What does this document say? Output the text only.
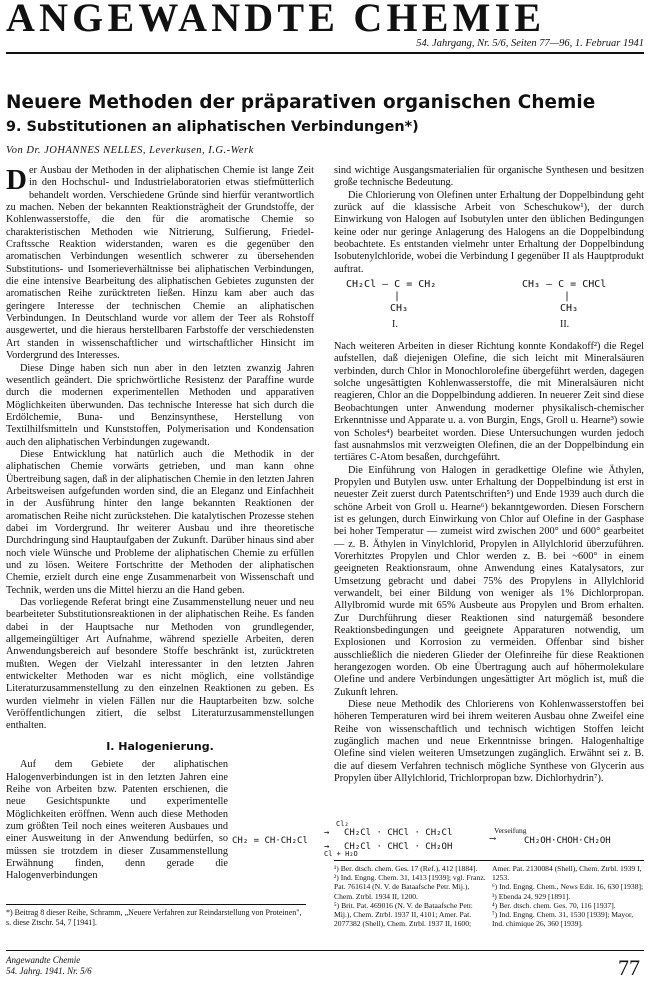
ANGEWANDTE CHEMIE
54. Jahrgang, Nr. 5/6, Seiten 77—96, 1. Februar 1941
Neuere Methoden der präparativen organischen Chemie
9. Substitutionen an aliphatischen Verbindungen*)
Von Dr. JOHANNES NELLES, Leverkusen, I.G.-Werk

Der Ausbau der Methoden in der aliphatischen Chemie ist lange Zeit in den Hochschul- und Industrielaboratorien etwas stiefmütterlich behandelt worden. Verschiedene Gründe sind hierfür verantwortlich zu machen. Neben der bekannten Reaktionsträgheit der Grundstoffe, der Kohlenwasserstoffe, die den für die aromatische Chemie so charakteristischen Methoden wie Nitrierung, Sulfierung, Friedel-Craftssche Reaktion widerstanden, waren es die gegenüber den aromatischen Verbindungen wesentlich schwerer zu übersehenden Substitutions- und Isomerieverhältnisse bei aliphatischen Verbindungen, die eine intensive Bearbeitung des aliphatischen Gebietes zugunsten der aromatischen Reihe zurücktreten ließen. Hinzu kam aber auch das geringere Interesse der technischen Chemie an aliphatischen Verbindungen. In Deutschland wurde vor allem der Teer als Rohstoff ausgewertet, und die hieraus herstellbaren Farbstoffe der verschiedensten Art standen in wissenschaftlicher und wirtschaftlicher Hinsicht im Vordergrund des Interesses.

Diese Dinge haben sich nun aber in den letzten zwanzig Jahren wesentlich geändert. Die sprichwörtliche Resistenz der Paraffine wurde durch die modernen experimentellen Methoden und apparativen Möglichkeiten überwunden. Das technische Interesse hat sich durch die Erdölchemie, Buna- und Benzinsynthese, Herstellung von Textilhilfsmitteln und Kunststoffen, Polymerisation und Kondensation auch den aliphatischen Verbindungen zugewandt.

Diese Entwicklung hat natürlich auch die Methodik in der aliphatischen Chemie vorwärts getrieben, und man kann ohne Übertreibung sagen, daß in der aliphatischen Chemie in den letzten Jahren Arbeitsweisen aufgefunden worden sind, die an Eleganz und Einfachheit in der Ausführung hinter den lange bekannten Reaktionen der aromatischen Reihe nicht zurückstehen. Die katalytischen Prozesse stehen dabei im Vordergrund. Ihr weiterer Ausbau und ihre theoretische Durchdringung sind Hauptaufgaben der Zukunft. Darüber hinaus sind aber noch viele Wünsche und Probleme der aliphatischen Chemie zu erfüllen und zu lösen. Weitere Fortschritte der Methoden der aliphatischen Chemie, erzielt durch eine enge Zusammenarbeit von Wissenschaft und Technik, werden uns die Mittel hierzu an die Hand geben.

Das vorliegende Referat bringt eine Zusammenstellung neuer und neu bearbeiteter Substitutionsreaktionen in der aliphatischen Reihe. Es fanden dabei in der Hauptsache nur Methoden von grundlegender, allgemeingültiger Art Aufnahme, während spezielle Arbeiten, deren Anwendungsbereich auf besondere Stoffe beschränkt ist, zurücktreten mußten. Wegen der Vielzahl interessanter in den letzten Jahren entwickelter Methoden war es nicht möglich, eine vollständige Literaturzusammenstellung zu den einzelnen Reaktionen zu geben. Es wurden vielmehr in vielen Fällen nur die Hauptarbeiten bzw. solche Veröffentlichungen zitiert, die selbst Literaturzusammenstellungen enthalten.

I. Halogenierung.

Auf dem Gebiete der aliphatischen Halogenverbindungen ist in den letzten Jahren eine Reihe von Arbeiten bzw. Patenten erschienen, die neue Gesichtspunkte und experimentelle Möglichkeiten eröffnen. Wenn auch diese Methoden zum größten Teil noch eines weiteren Ausbaues und einer Ausweitung in der Anwendung bedürfen, so müssen sie trotzdem in dieser Zusammenstellung Erwähnung finden, denn gerade die Halogenverbindungen

CH₂ = CH·CH₂Cl
Cl₂
Cl + H₂O
→
→
CH₂Cl · CHCl · CH₂Cl
CH₂Cl · CHCl · CH₂OH
Verseifung
⟶	CH₂OH·CHOH·CH₂OH
*) Beitrag 8 dieser Reihe, Schramm, „Neuere Verfahren zur Reindarstellung von Proteinen", s. diese Ztschr. 54, 7 [1941].

sind wichtige Ausgangsmaterialien für organische Synthesen und besitzen große technische Bedeutung.

Die Chlorierung von Olefinen unter Erhaltung der Doppelbindung geht zurück auf die klassische Arbeit von Scheschukow¹), der durch Einwirkung von Halogen auf Isobutylen unter den üblichen Bedingungen keine oder nur geringe Anlagerung des Halogens an die Doppelbindung beobachtete. Es entstanden vielmehr unter Erhaltung der Doppelbindung Isobutenylchloride, wobei die Verbindung I gegenüber II als Hauptprodukt auftrat.

CH₂Cl — C = CH₂
|
CH₃
I.
CH₃ — C = CHCl
|
CH₃
II.

Nach weiteren Arbeiten in dieser Richtung konnte Kondakoff²) die Regel aufstellen, daß diejenigen Olefine, die sich leicht mit Mineralsäuren verbinden, durch Chlor in Monochlorolefine übergeführt werden, dagegen solche ungesättigten Kohlenwasserstoffe, die mit Mineralsäuren nicht reagieren, Chlor an die Doppelbindung addieren. In neuerer Zeit sind diese Beobachtungen unter Anwendung moderner physikalisch-chemischer Erkenntnisse und Apparate u. a. von Burgin, Engs, Groll u. Hearne³) sowie von Scholes⁴) bearbeitet worden. Diese Untersuchungen wurden jedoch fast ausnahmslos mit verzweigten Olefinen, die an der Doppelbindung ein tertiäres C-Atom besaßen, durchgeführt.

Die Einführung von Halogen in geradkettige Olefine wie Äthylen, Propylen und Butylen usw. unter Erhaltung der Doppelbindung ist erst in neuester Zeit zuerst durch Patentschriften⁵) und Ende 1939 auch durch die schöne Arbeit von Groll u. Hearne⁶) bekanntgeworden. Diesen Forschern ist es gelungen, durch Einwirkung von Chlor auf Olefine in der Gasphase bei hoher Temperatur — zumeist wird zwischen 200° und 600° gearbeitet — z. B. Äthylen in Vinylchlorid, Propylen in Allylchlorid überzuführen. Vorerhitztes Propylen und Chlor werden z. B. bei ~600° in einem geeigneten Reaktionsraum, ohne Anwendung eines Katalysators, zur Umsetzung gebracht und dabei 75% des Propylens in Allylchlorid verwandelt, bei einer Bildung von weniger als 1% Dichlorpropan. Allylbromid wurde mit 65% Ausbeute aus Propylen und Brom erhalten. Zur Durchführung dieser Reaktionen sind naturgemäß besondere Reaktionsbedingungen und geeignete Apparaturen notwendig, um Explosionen und Korrosion zu vermeiden. Offenbar sind bisher ausschließlich die niederen Glieder der Olefinreihe für diese Reaktionen herangezogen worden. Ob eine Übertragung auch auf höhermolekulare Olefine und andere Verbindungen ungesättigter Art möglich ist, muß die Zukunft lehren.

Diese neue Methodik des Chlorierens von Kohlenwasserstoffen bei höheren Temperaturen wird bei ihrem weiteren Ausbau ohne Zweifel eine Reihe von wissenschaftlich und technisch wichtigen Stoffen leicht zugänglich machen und neue Erkenntnisse bringen. Halogenhaltige Olefine sind vielen weiteren Umsetzungen zugänglich. Erwähnt sei z. B. die auf diesem Verfahren technisch mögliche Synthese von Glycerin aus Propylen über Allylchlorid, Trichlorpropan bzw. Dichlorhydrin⁷).

¹) Ber. dtsch. chem. Ges. 17 (Ref.), 412 [1884].
²) Ind. Engng. Chem. 31, 1413 [1939]; vgl. Franz. Pat. 761614 (N. V. de Bataafsche Petr. Mij.), Chem. Ztrbl. 1934 II, 1200.
⁵) Brit. Pat. 469016 (N. V. de Bataafsche Petr. Mij.), Chem. Ztrbl. 1937 II, 4101; Amer. Pat. 2077382 (Shell), Chem. Ztrbl. 1937 II, 1600; Amer. Pat. 2130084 (Shell), Chem. Ztrbl. 1939 I, 1253.
⁶) Ind. Engng. Chem., News Edit. 16, 630 [1938];
³) Ebenda 24, 929 [1891].
⁴) Ber. dtsch. chem. Ges. 70, 116 [1937].
⁷) Ind. Engng. Chem. 31, 1530 [1939]; Mayor, Ind. chimique 26, 360 [1939].
Angewandte Chemie
54. Jahrg. 1941. Nr. 5/6	77
